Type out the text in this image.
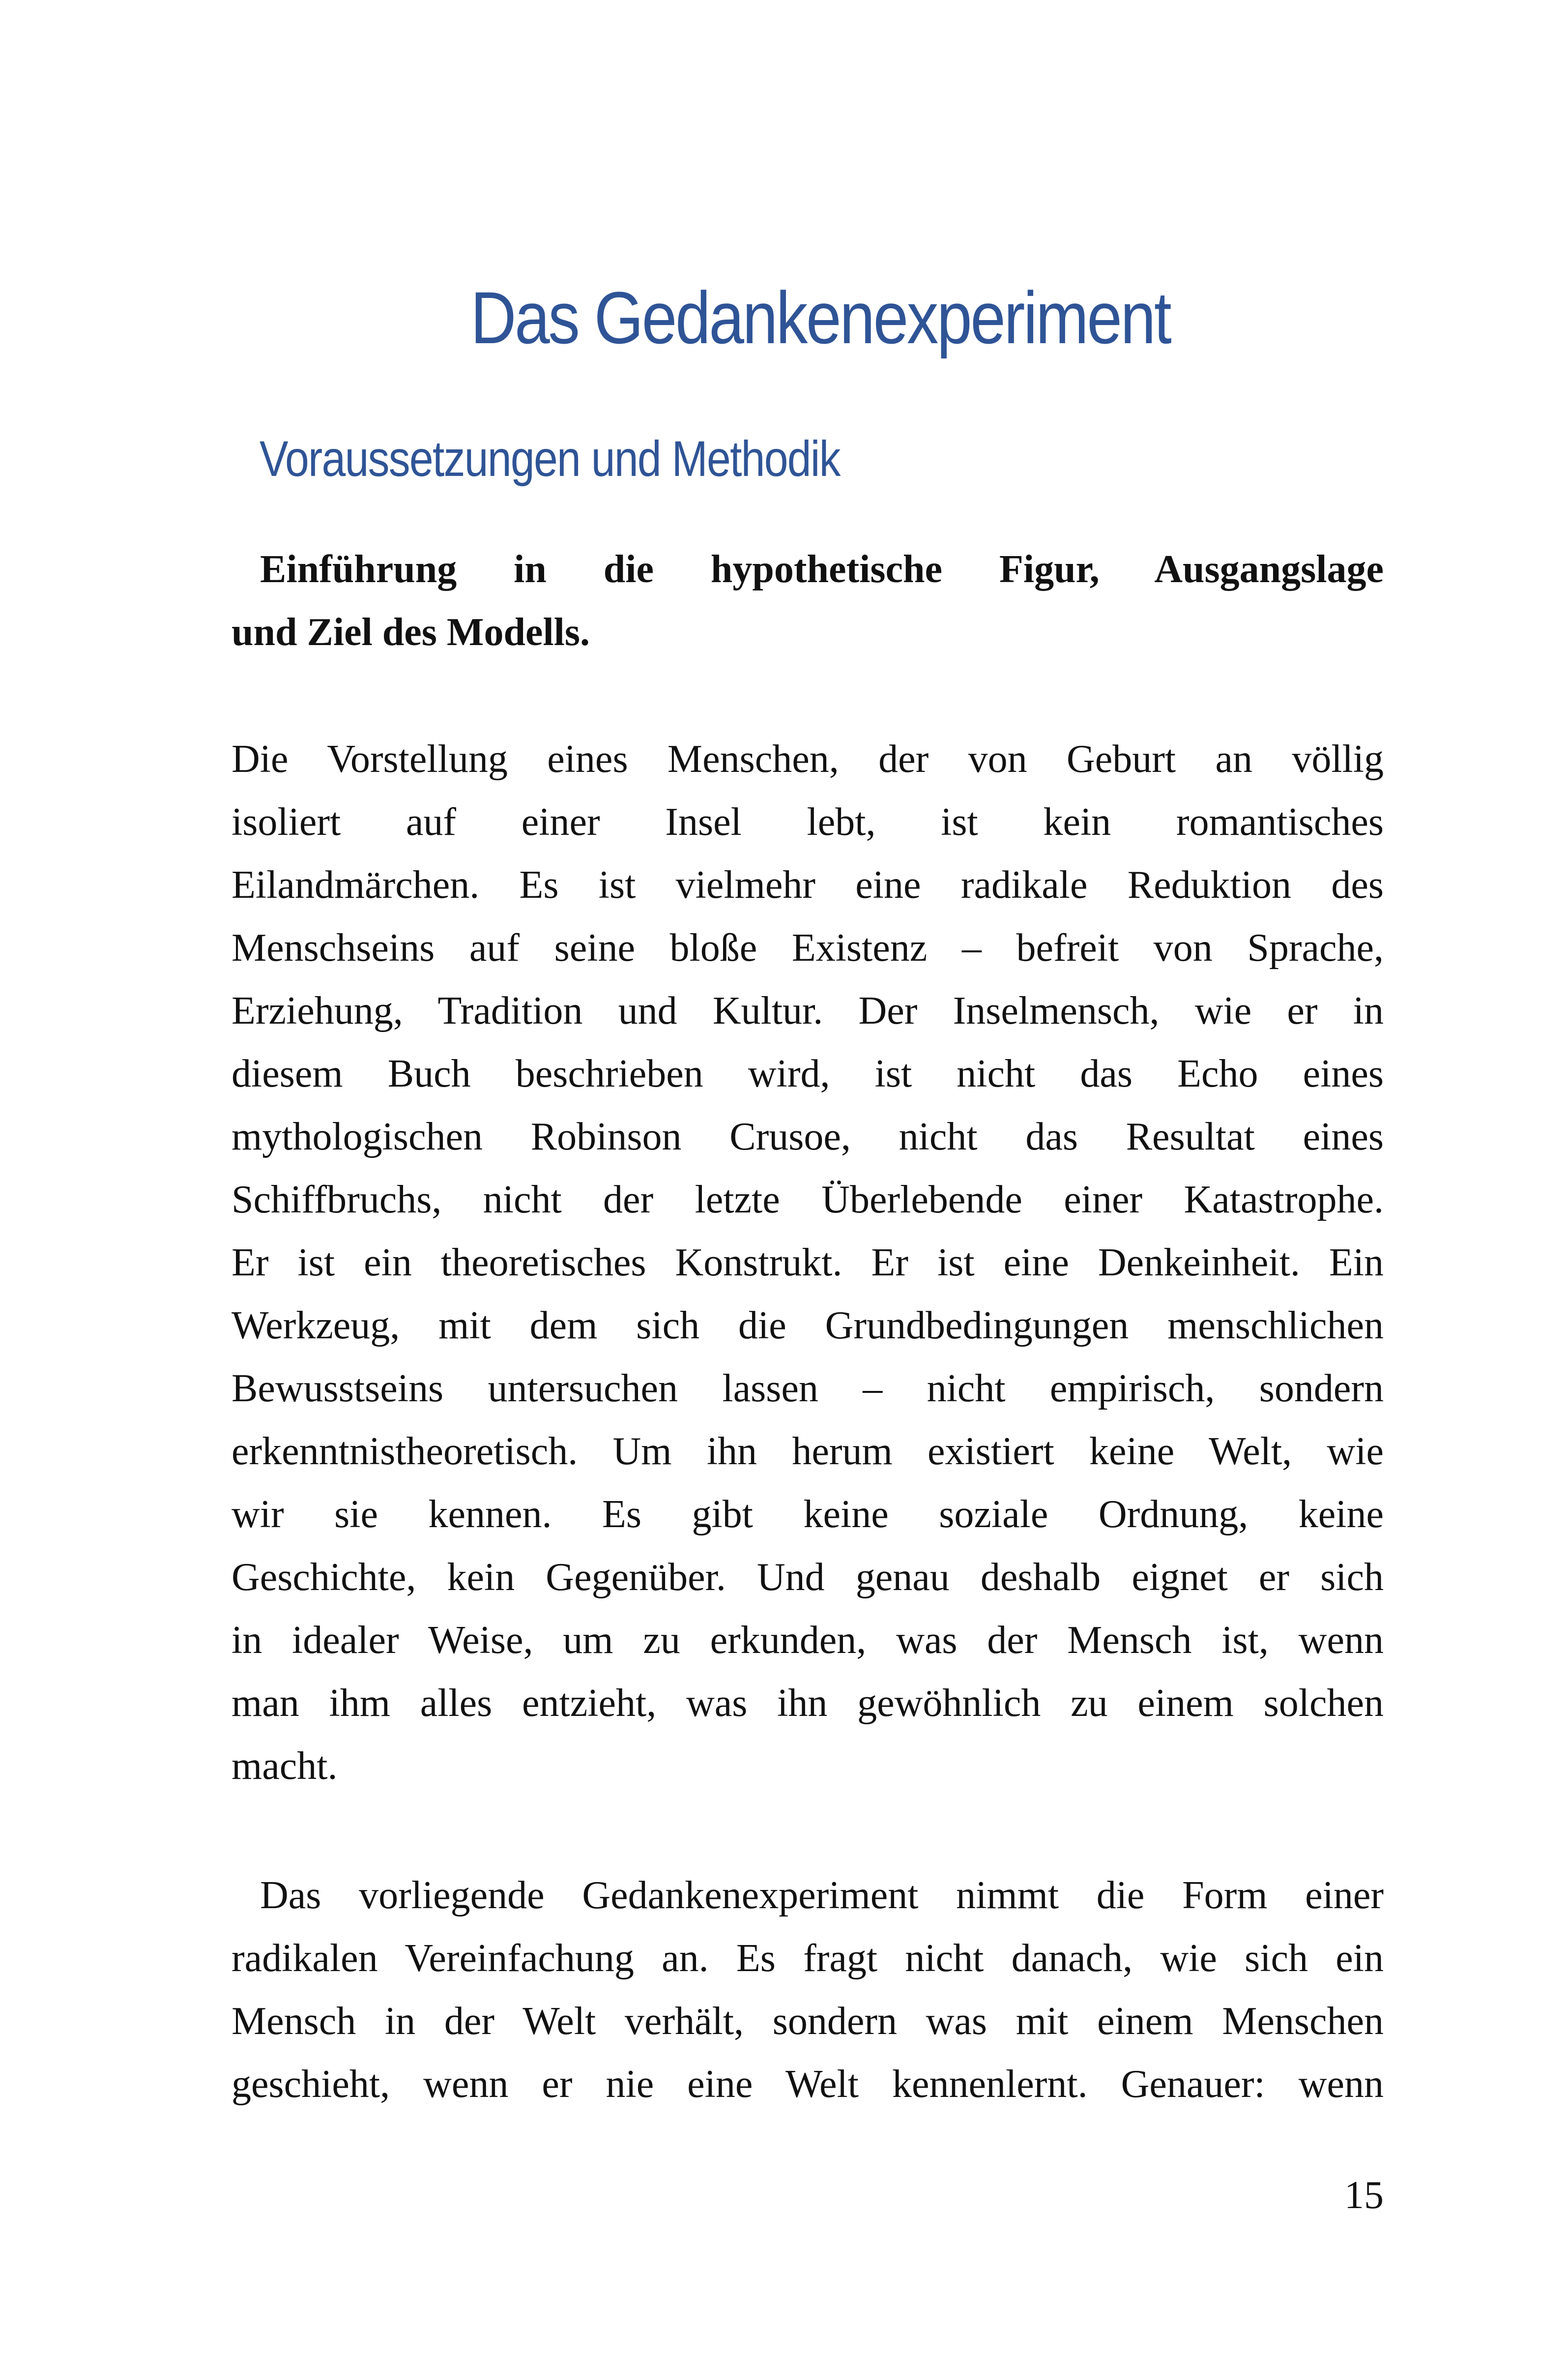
Das Gedankenexperiment
Voraussetzungen und Methodik
Einführung in die hypothetische Figur, Ausgangslage
und Ziel des Modells.
Die Vorstellung eines Menschen, der von Geburt an völlig
isoliert auf einer Insel lebt, ist kein romantisches
Eilandmärchen. Es ist vielmehr eine radikale Reduktion des
Menschseins auf seine bloße Existenz – befreit von Sprache,
Erziehung, Tradition und Kultur. Der Inselmensch, wie er in
diesem Buch beschrieben wird, ist nicht das Echo eines
mythologischen Robinson Crusoe, nicht das Resultat eines
Schiffbruchs, nicht der letzte Überlebende einer Katastrophe.
Er ist ein theoretisches Konstrukt. Er ist eine Denkeinheit. Ein
Werkzeug, mit dem sich die Grundbedingungen menschlichen
Bewusstseins untersuchen lassen – nicht empirisch, sondern
erkenntnistheoretisch. Um ihn herum existiert keine Welt, wie
wir sie kennen. Es gibt keine soziale Ordnung, keine
Geschichte, kein Gegenüber. Und genau deshalb eignet er sich
in idealer Weise, um zu erkunden, was der Mensch ist, wenn
man ihm alles entzieht, was ihn gewöhnlich zu einem solchen
macht.
Das vorliegende Gedankenexperiment nimmt die Form einer
radikalen Vereinfachung an. Es fragt nicht danach, wie sich ein
Mensch in der Welt verhält, sondern was mit einem Menschen
geschieht, wenn er nie eine Welt kennenlernt. Genauer: wenn
15
